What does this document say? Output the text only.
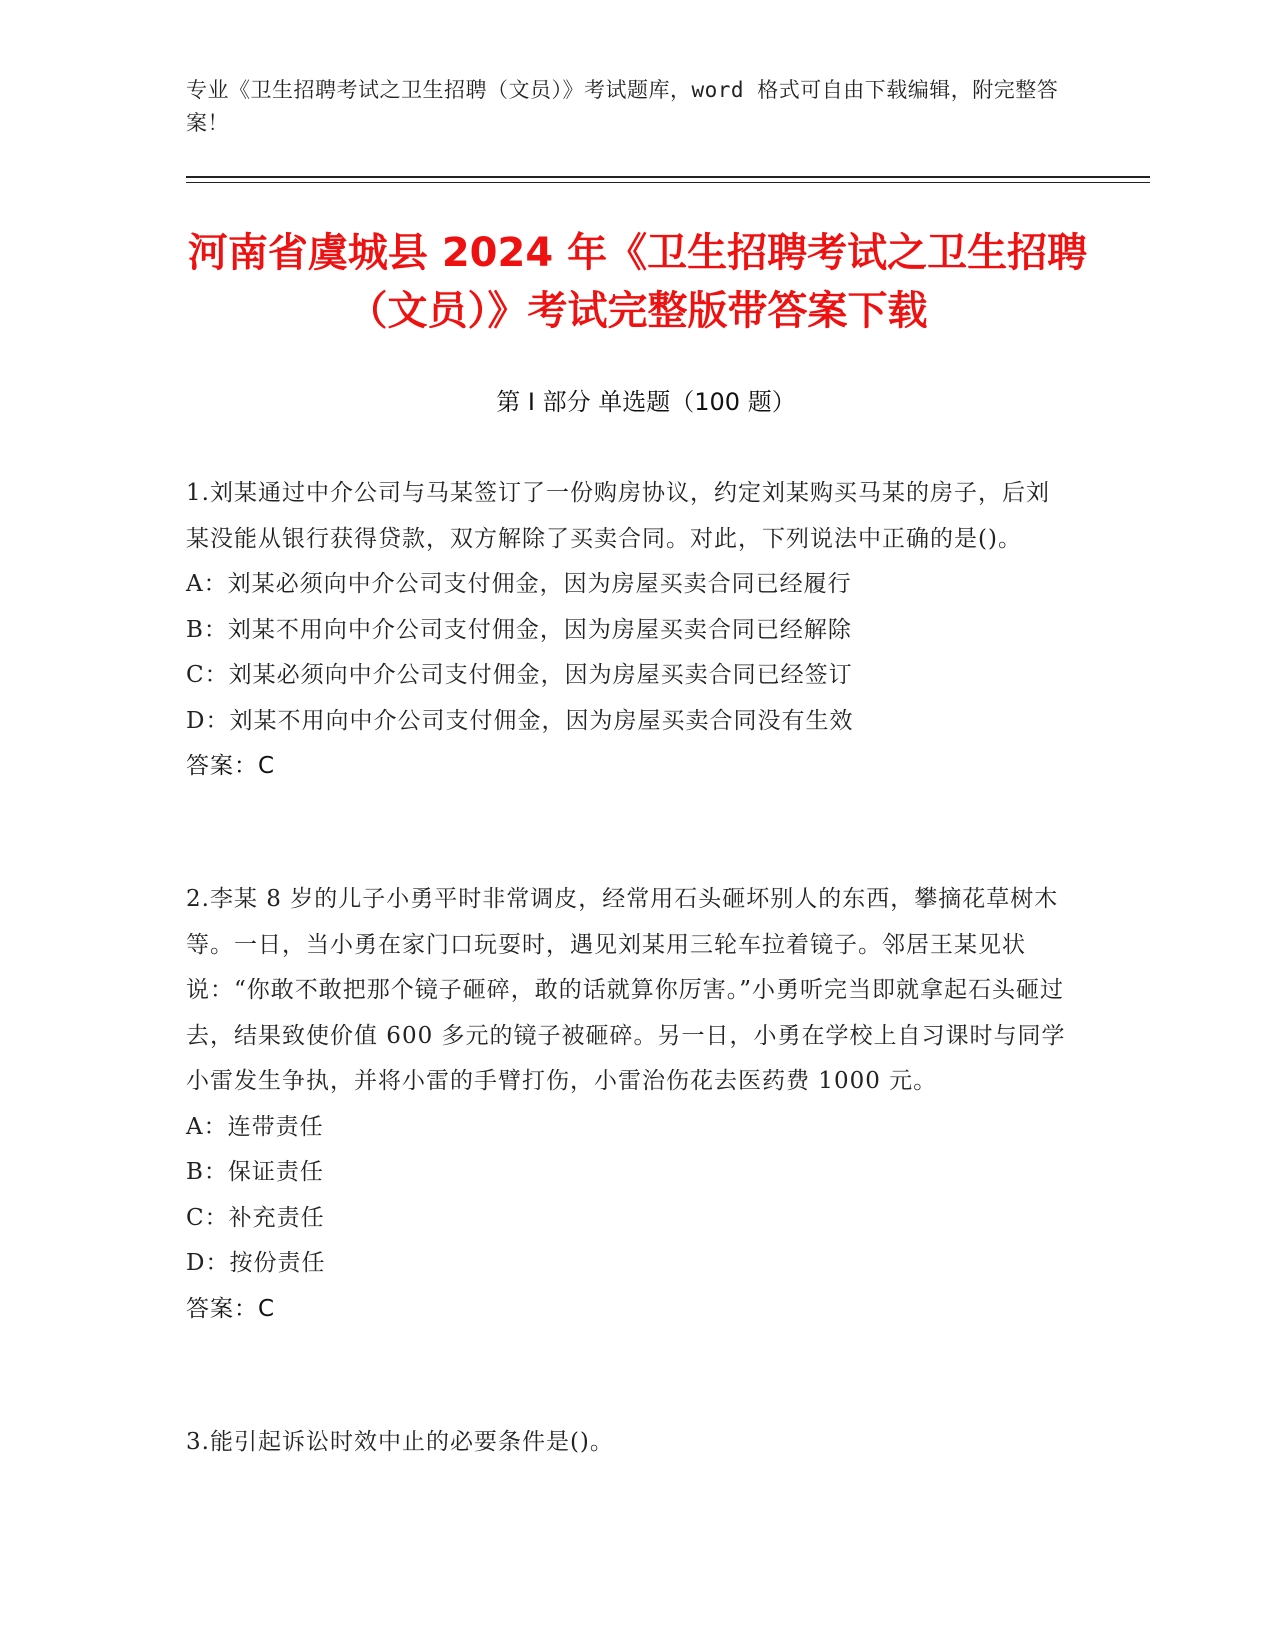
专业《卫生招聘考试之卫生招聘（文员）》考试题库，word 格式可自由下载编辑，附完整答案！
河南省虞城县 2024 年《卫生招聘考试之卫生招聘（文员）》考试完整版带答案下载
第 I 部分 单选题（100 题）

1.刘某通过中介公司与马某签订了一份购房协议，约定刘某购买马某的房子，后刘某没能从银行获得贷款，双方解除了买卖合同。对此，下列说法中正确的是()。

A：刘某必须向中介公司支付佣金，因为房屋买卖合同已经履行

B：刘某不用向中介公司支付佣金，因为房屋买卖合同已经解除

C：刘某必须向中介公司支付佣金，因为房屋买卖合同已经签订

D：刘某不用向中介公司支付佣金，因为房屋买卖合同没有生效

答案：C

2.李某 8 岁的儿子小勇平时非常调皮，经常用石头砸坏别人的东西，攀摘花草树木等。一日，当小勇在家门口玩耍时，遇见刘某用三轮车拉着镜子。邻居王某见状说：“你敢不敢把那个镜子砸碎，敢的话就算你厉害。”小勇听完当即就拿起石头砸过去，结果致使价值 600 多元的镜子被砸碎。另一日，小勇在学校上自习课时与同学小雷发生争执，并将小雷的手臂打伤，小雷治伤花去医药费 1000 元。

A：连带责任

B：保证责任

C：补充责任

D：按份责任

答案：C

3.能引起诉讼时效中止的必要条件是()。
